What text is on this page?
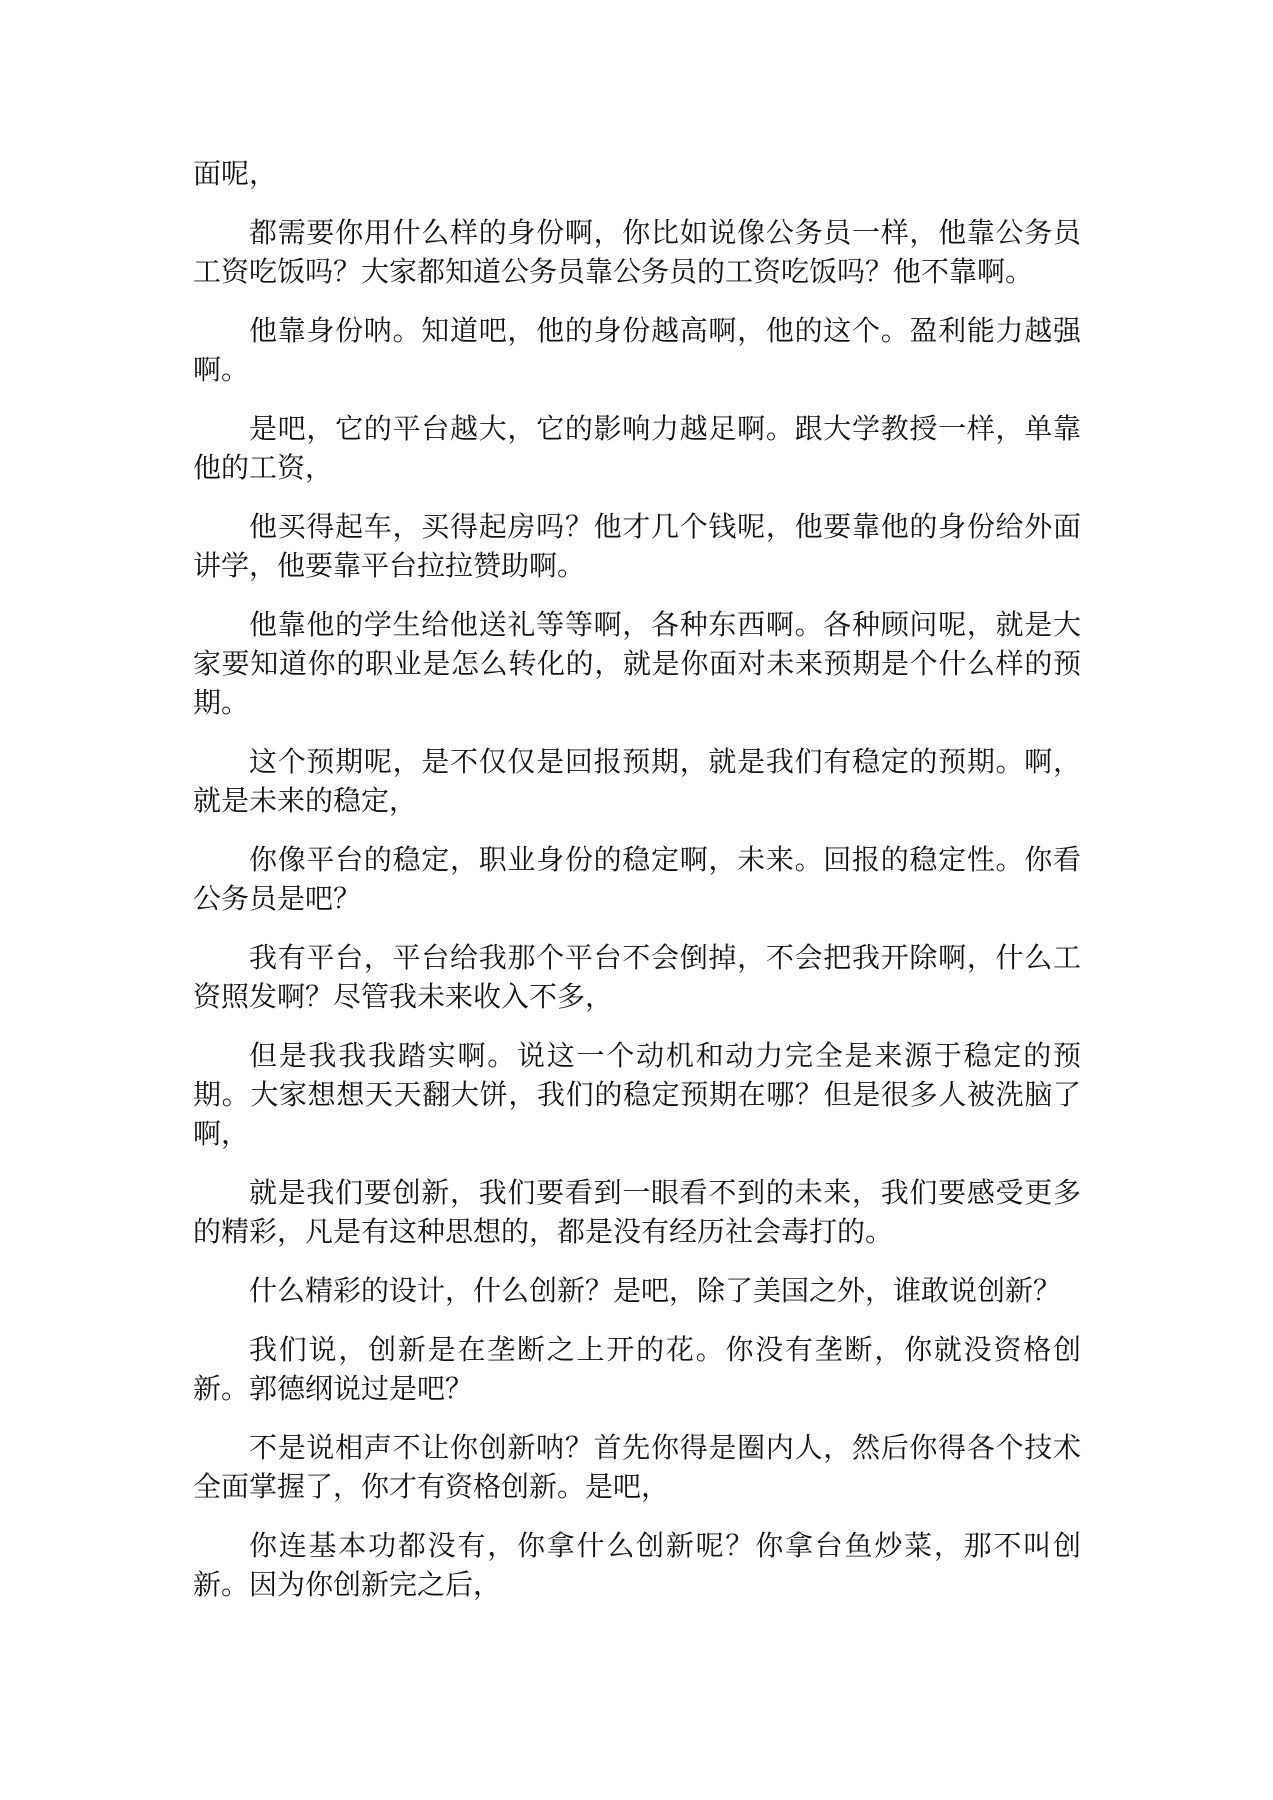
面呢，

都需要你用什么样的身份啊，你比如说像公务员一样，他靠公务员工资吃饭吗？大家都知道公务员靠公务员的工资吃饭吗？他不靠啊。

他靠身份呐。知道吧，他的身份越高啊，他的这个。盈利能力越强啊。

是吧，它的平台越大，它的影响力越足啊。跟大学教授一样，单靠他的工资，

他买得起车，买得起房吗？他才几个钱呢，他要靠他的身份给外面讲学，他要靠平台拉拉赞助啊。

他靠他的学生给他送礼等等啊，各种东西啊。各种顾问呢，就是大家要知道你的职业是怎么转化的，就是你面对未来预期是个什么样的预期。

这个预期呢，是不仅仅是回报预期，就是我们有稳定的预期。啊，就是未来的稳定，

你像平台的稳定，职业身份的稳定啊，未来。回报的稳定性。你看公务员是吧？

我有平台，平台给我那个平台不会倒掉，不会把我开除啊，什么工资照发啊？尽管我未来收入不多，

但是我我我踏实啊。说这一个动机和动力完全是来源于稳定的预期。大家想想天天翻大饼，我们的稳定预期在哪？但是很多人被洗脑了啊，

就是我们要创新，我们要看到一眼看不到的未来，我们要感受更多的精彩，凡是有这种思想的，都是没有经历社会毒打的。

什么精彩的设计，什么创新？是吧，除了美国之外，谁敢说创新？

我们说，创新是在垄断之上开的花。你没有垄断，你就没资格创新。郭德纲说过是吧？

不是说相声不让你创新呐？首先你得是圈内人，然后你得各个技术全面掌握了，你才有资格创新。是吧，

你连基本功都没有，你拿什么创新呢？你拿台鱼炒菜，那不叫创新。因为你创新完之后，
